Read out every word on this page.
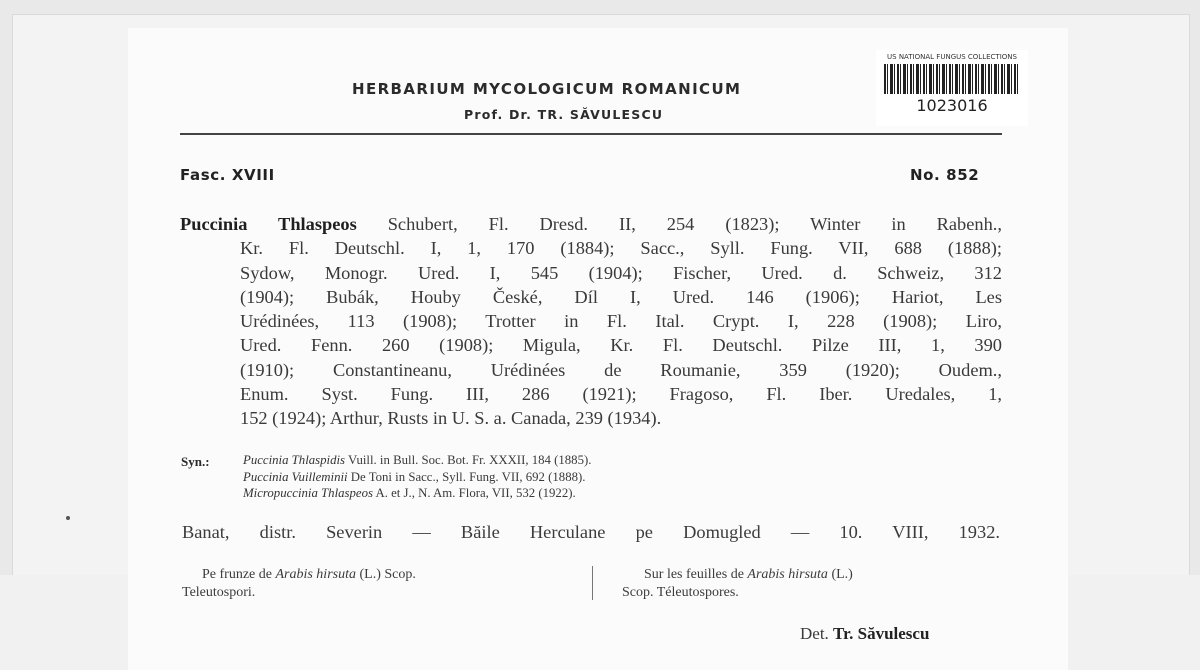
HERBARIUM MYCOLOGICUM ROMANICUM
Prof. Dr. TR. SĂVULESCU
US NATIONAL FUNGUS COLLECTIONS
1023016
Fasc. XVIII	No. 852
Puccinia Thlaspeos Schubert, Fl. Dresd. II, 254 (1823); Winter in Rabenh.,
Kr. Fl. Deutschl. I, 1, 170 (1884); Sacc., Syll. Fung. VII, 688 (1888);
Sydow, Monogr. Ured. I, 545 (1904); Fischer, Ured. d. Schweiz, 312
(1904); Bubák, Houby České, Díl I, Ured. 146 (1906); Hariot, Les
Urédinées, 113 (1908); Trotter in Fl. Ital. Crypt. I, 228 (1908); Liro,
Ured. Fenn. 260 (1908); Migula, Kr. Fl. Deutschl. Pilze III, 1, 390
(1910); Constantineanu, Urédinées de Roumanie, 359 (1920); Oudem.,
Enum. Syst. Fung. III, 286 (1921); Fragoso, Fl. Iber. Uredales, 1,
152 (1924); Arthur, Rusts in U. S. a. Canada, 239 (1934).
Syn.:	Puccinia Thlaspidis Vuill. in Bull. Soc. Bot. Fr. XXXII, 184 (1885).
Puccinia Vuilleminii De Toni in Sacc., Syll. Fung. VII, 692 (1888).
Micropuccinia Thlaspeos A. et J., N. Am. Flora, VII, 532 (1922).
Banat, distr. Severin — Băile Herculane pe Domugled — 10. VIII, 1932.
Pe frunze de Arabis hirsuta (L.) Scop.
Teleutospori.
Sur les feuilles de Arabis hirsuta (L.)
Scop. Téleutospores.
Det. Tr. Săvulescu
